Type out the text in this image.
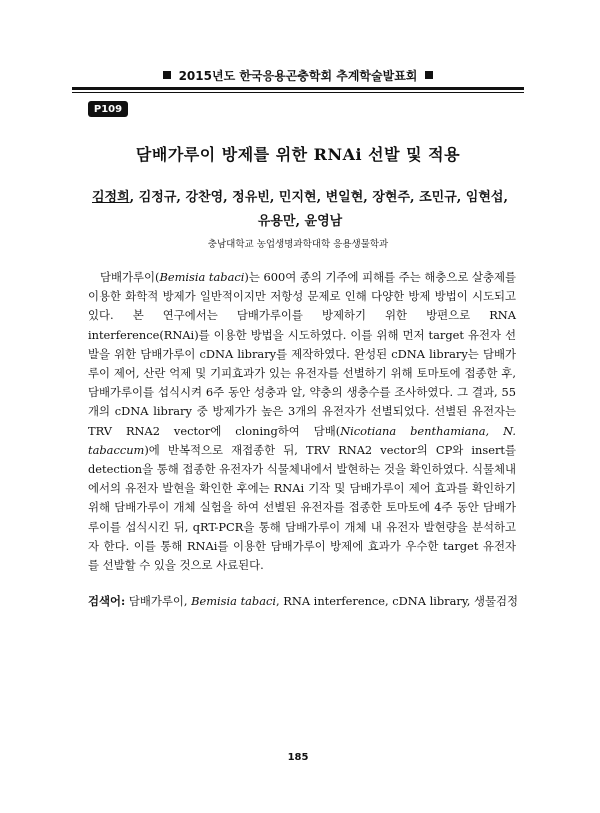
2015년도 한국응용곤충학회 추계학술발표회
P109
담배가루이 방제를 위한 RNAi 선발 및 적용
김정희, 김정규, 강찬영, 정유빈, 민지현, 변일현, 장현주, 조민규, 임현섭, 유용만, 윤영남
충남대학교 농업생명과학대학 응용생물학과

담배가루이(Bemisia tabaci)는 600여 종의 기주에 피해를 주는 해충으로 살충제를 이용한 화학적 방제가 일반적이지만 저항성 문제로 인해 다양한 방제 방법이 시도되고 있다. 본 연구에서는 담배가루이를 방제하기 위한 방편으로 RNA interference(RNAi)를 이용한 방법을 시도하였다. 이를 위해 먼저 target 유전자 선발을 위한 담배가루이 cDNA library를 제작하였다. 완성된 cDNA library는 담배가루이 제어, 산란 억제 및 기피효과가 있는 유전자를 선별하기 위해 토마토에 접종한 후, 담배가루이를 섭식시켜 6주 동안 성충과 알, 약충의 생충수를 조사하였다. 그 결과, 55개의 cDNA library 중 방제가가 높은 3개의 유전자가 선별되었다. 선별된 유전자는 TRV RNA2 vector에 cloning하여 담배(Nicotiana benthamiana, N. tabaccum)에 반복적으로 재접종한 뒤, TRV RNA2 vector의 CP와 insert를 detection을 통해 접종한 유전자가 식물체내에서 발현하는 것을 확인하였다. 식물체내에서의 유전자 발현을 확인한 후에는 RNAi 기작 및 담배가루이 제어 효과를 확인하기 위해 담배가루이 개체 실험을 하여 선별된 유전자를 접종한 토마토에 4주 동안 담배가루이를 섭식시킨 뒤, qRT-PCR을 통해 담배가루이 개체 내 유전자 발현량을 분석하고자 한다. 이를 통해 RNAi를 이용한 담배가루이 방제에 효과가 우수한 target 유전자를 선발할 수 있을 것으로 사료된다.

검색어: 담배가루이, Bemisia tabaci, RNA interference, cDNA library, 생물검정
185
